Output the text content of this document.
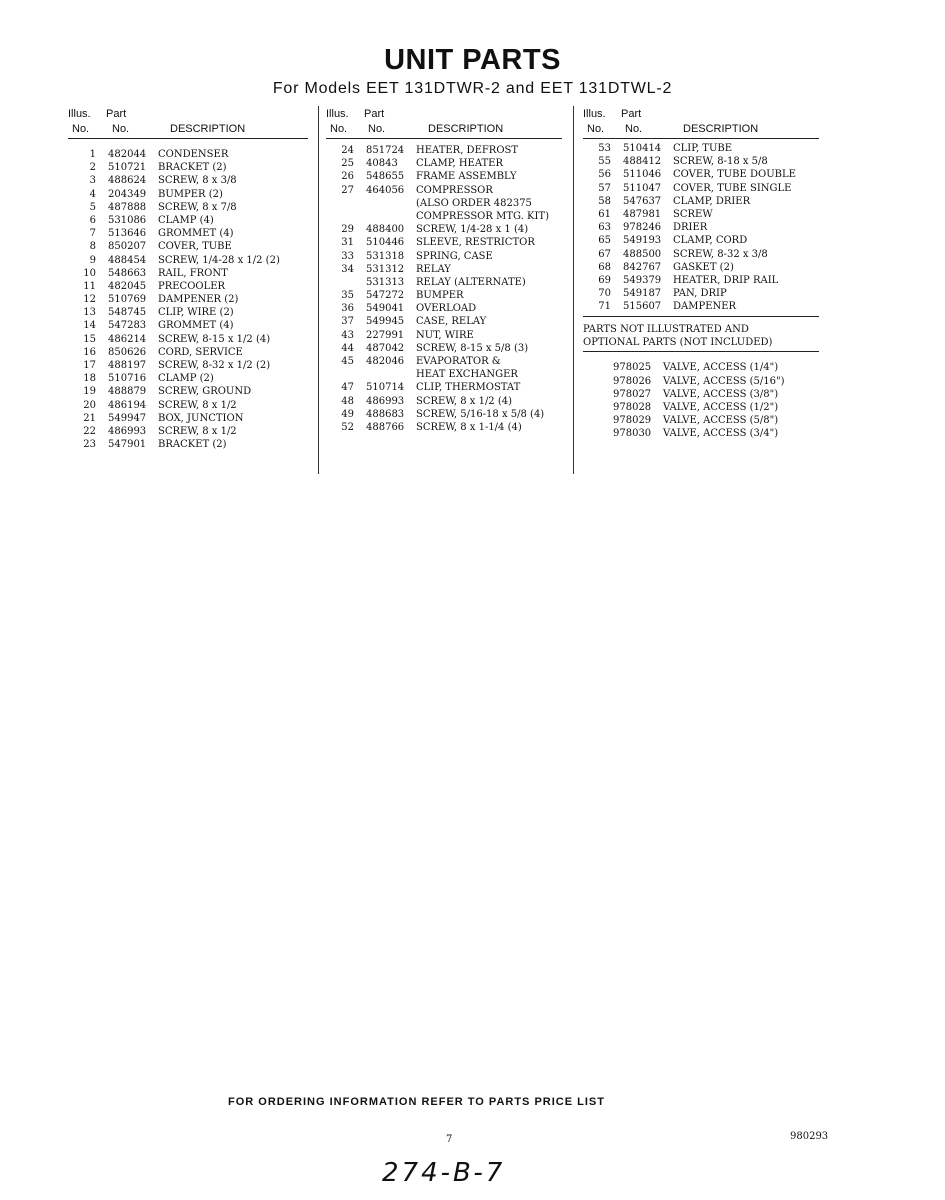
UNIT PARTS
For Models EET 131DTWR-2 and EET 131DTWL-2
Illus. Part
No. No.	DESCRIPTION
1 482044 CONDENSER
2 510721 BRACKET (2)
3 488624 SCREW, 8 x 3/8
4 204349 BUMPER (2)
5 487888 SCREW, 8 x 7/8
6 531086 CLAMP (4)
7 513646 GROMMET (4)
8 850207 COVER, TUBE
9 488454 SCREW, 1/4-28 x 1/2 (2)
10 548663 RAIL, FRONT
11 482045 PRECOOLER
12 510769 DAMPENER (2)
13 548745 CLIP, WIRE (2)
14 547283 GROMMET (4)
15 486214 SCREW, 8-15 x 1/2 (4)
16 850626 CORD, SERVICE
17 488197 SCREW, 8-32 x 1/2 (2)
18 510716 CLAMP (2)
19 488879 SCREW, GROUND
20 486194 SCREW, 8 x 1/2
21 549947 BOX, JUNCTION
22 486993 SCREW, 8 x 1/2
23 547901 BRACKET (2)
Illus. Part
No. No.	DESCRIPTION
24 851724 HEATER, DEFROST
25 40843 CLAMP, HEATER
26 548655 FRAME ASSEMBLY
27 464056 COMPRESSOR
(ALSO ORDER 482375
COMPRESSOR MTG. KIT)
29 488400 SCREW, 1/4-28 x 1 (4)
31 510446 SLEEVE, RESTRICTOR
33 531318 SPRING, CASE
34 531312 RELAY
531313 RELAY (ALTERNATE)
35 547272 BUMPER
36 549041 OVERLOAD
37 549945 CASE, RELAY
43 227991 NUT, WIRE
44 487042 SCREW, 8-15 x 5/8 (3)
45 482046 EVAPORATOR &
HEAT EXCHANGER
47 510714 CLIP, THERMOSTAT
48 486993 SCREW, 8 x 1/2 (4)
49 488683 SCREW, 5/16-18 x 5/8 (4)
52 488766 SCREW, 8 x 1-1/4 (4)
Illus. Part
No. No.	DESCRIPTION
53 510414 CLIP, TUBE
55 488412 SCREW, 8-18 x 5/8
56 511046 COVER, TUBE DOUBLE
57 511047 COVER, TUBE SINGLE
58 547637 CLAMP, DRIER
61 487981 SCREW
63 978246 DRIER
65 549193 CLAMP, CORD
67 488500 SCREW, 8-32 x 3/8
68 842767 GASKET (2)
69 549379 HEATER, DRIP RAIL
70 549187 PAN, DRIP
71 515607 DAMPENER
PARTS NOT ILLUSTRATED AND
OPTIONAL PARTS (NOT INCLUDED)
978025 VALVE, ACCESS (1/4")
978026 VALVE, ACCESS (5/16")
978027 VALVE, ACCESS (3/8")
978028 VALVE, ACCESS (1/2")
978029 VALVE, ACCESS (5/8")
978030 VALVE, ACCESS (3/4")
FOR ORDERING INFORMATION REFER TO PARTS PRICE LIST
7	980293
274-B-7
